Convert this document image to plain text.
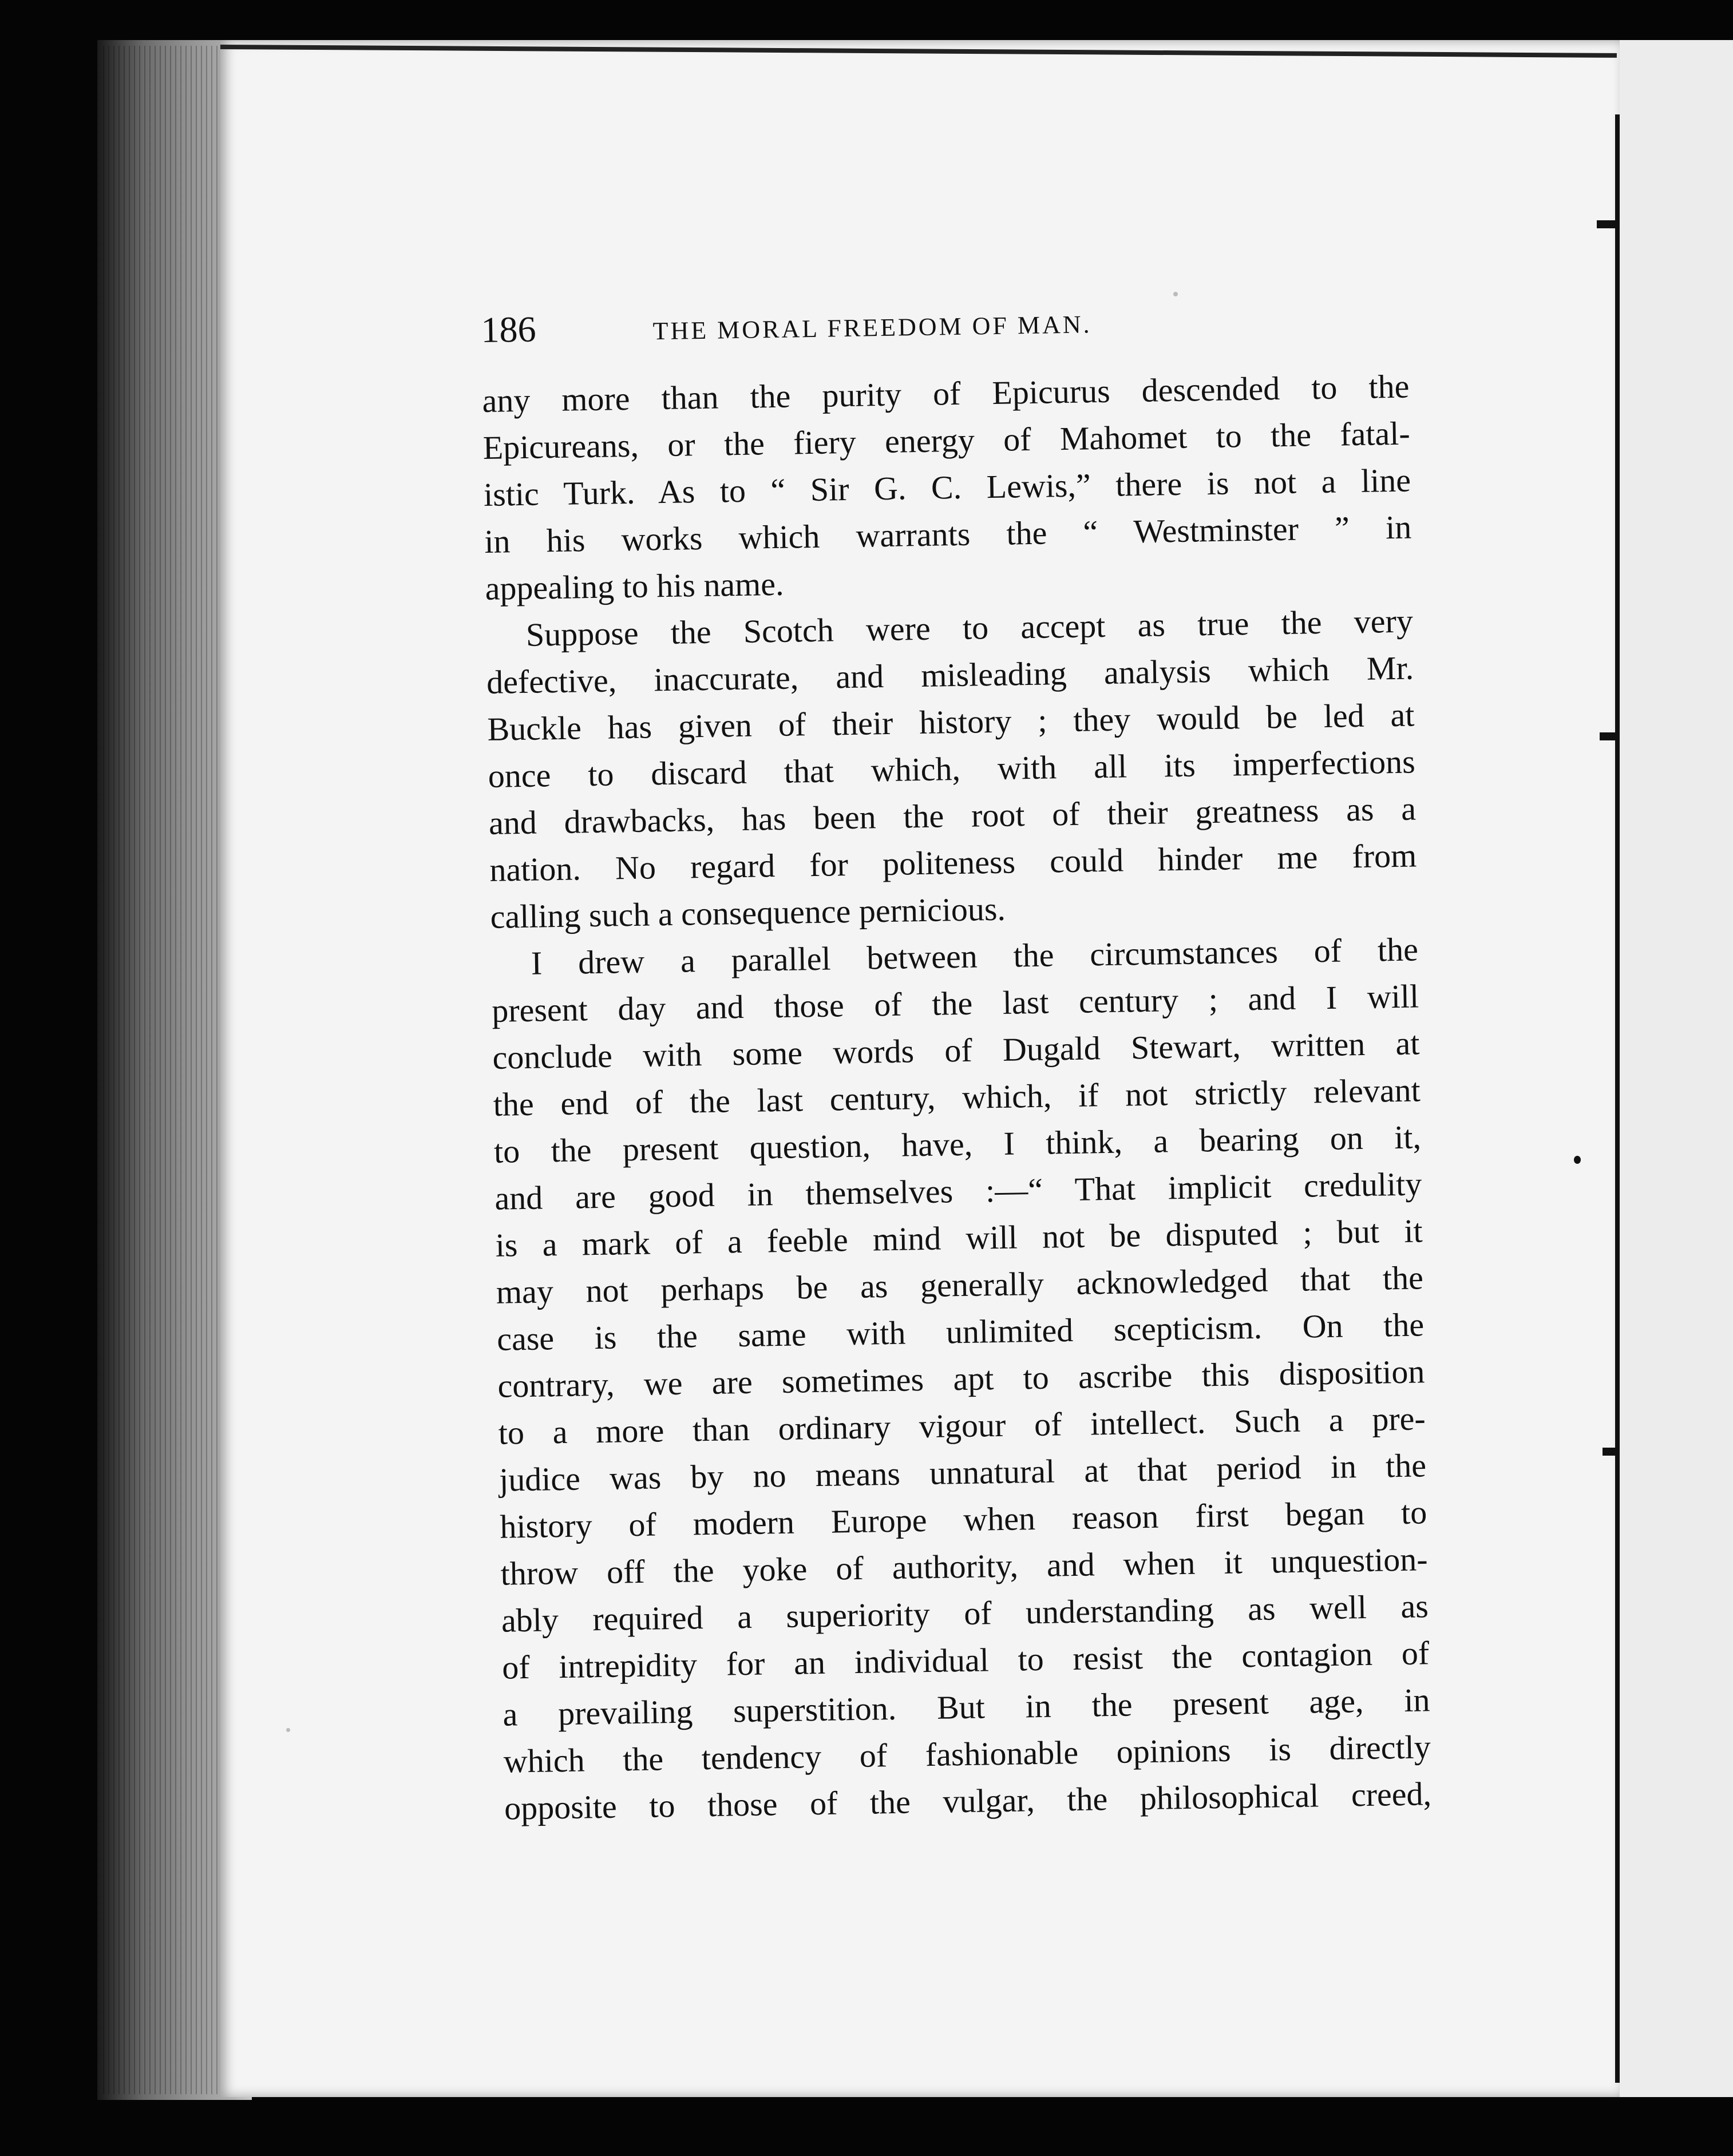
186	THE MORAL FREEDOM OF MAN.
any more than the purity of Epicurus descended to the
Epicureans, or the fiery energy of Mahomet to the fatal-
istic Turk. As to “ Sir G. C. Lewis,” there is not a line
in his works which warrants the “ Westminster ” in
appealing to his name.
Suppose the Scotch were to accept as true the very
defective, inaccurate, and misleading analysis which Mr.
Buckle has given of their history ; they would be led at
once to discard that which, with all its imperfections
and drawbacks, has been the root of their greatness as a
nation. No regard for politeness could hinder me from
calling such a consequence pernicious.
I drew a parallel between the circumstances of the
present day and those of the last century ; and I will
conclude with some words of Dugald Stewart, written at
the end of the last century, which, if not strictly relevant
to the present question, have, I think, a bearing on it,
and are good in themselves :—“ That implicit credulity
is a mark of a feeble mind will not be disputed ; but it
may not perhaps be as generally acknowledged that the
case is the same with unlimited scepticism. On the
contrary, we are sometimes apt to ascribe this disposition
to a more than ordinary vigour of intellect. Such a pre-
judice was by no means unnatural at that period in the
history of modern Europe when reason first began to
throw off the yoke of authority, and when it unquestion-
ably required a superiority of understanding as well as
of intrepidity for an individual to resist the contagion of
a prevailing superstition. But in the present age, in
which the tendency of fashionable opinions is directly
opposite to those of the vulgar, the philosophical creed,
